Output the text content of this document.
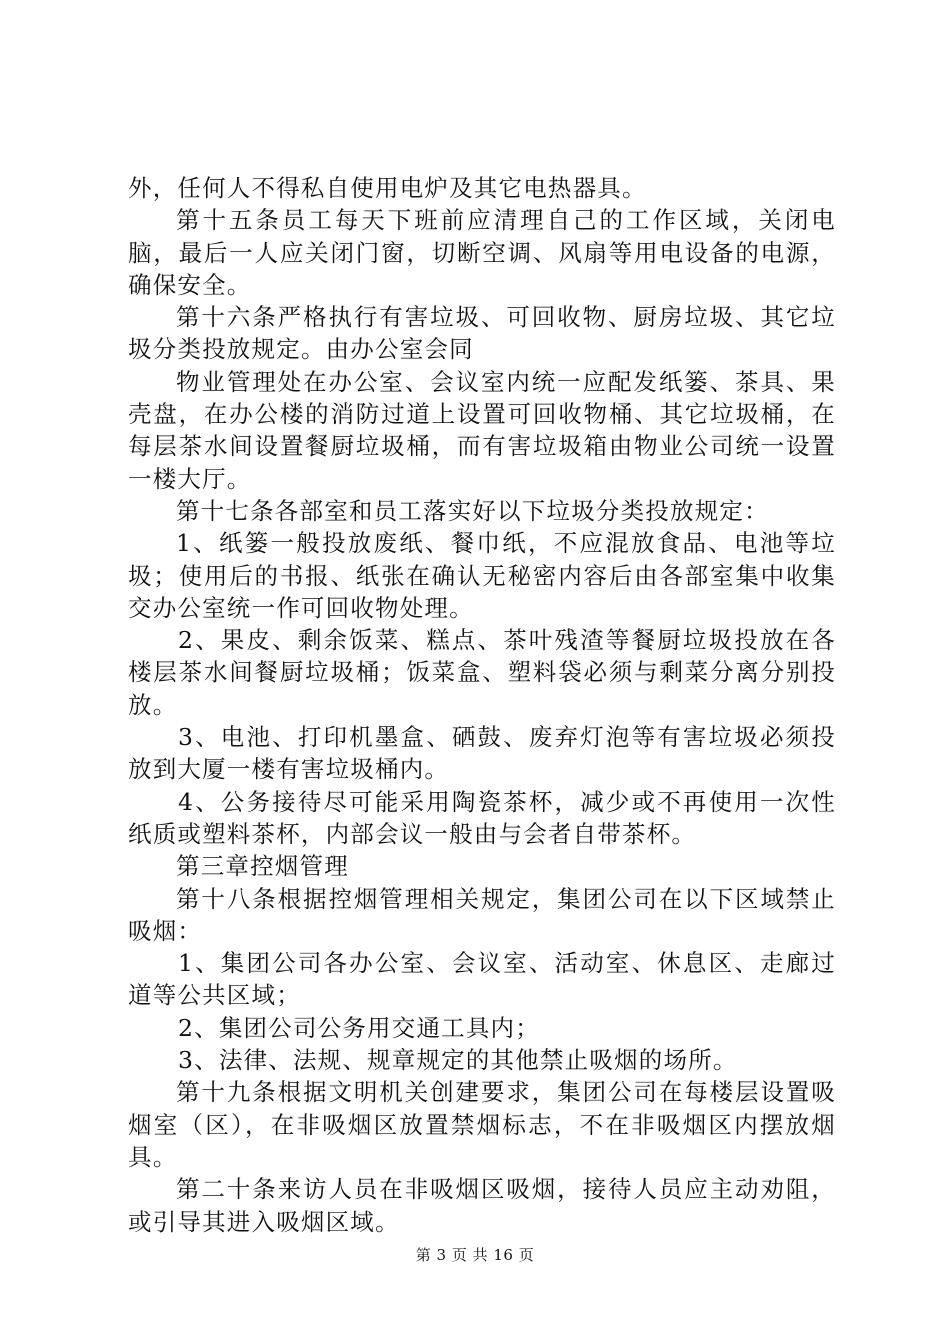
外，任何人不得私自使用电炉及其它电热器具。

第十五条员工每天下班前应清理自己的工作区域，关闭电脑，最后一人应关闭门窗，切断空调、风扇等用电设备的电源，确保安全。

第十六条严格执行有害垃圾、可回收物、厨房垃圾、其它垃圾分类投放规定。由办公室会同

物业管理处在办公室、会议室内统一应配发纸篓、茶具、果壳盘，在办公楼的消防过道上设置可回收物桶、其它垃圾桶，在每层茶水间设置餐厨垃圾桶，而有害垃圾箱由物业公司统一设置一楼大厅。

第十七条各部室和员工落实好以下垃圾分类投放规定：

1、纸篓一般投放废纸、餐巾纸，不应混放食品、电池等垃圾；使用后的书报、纸张在确认无秘密内容后由各部室集中收集交办公室统一作可回收物处理。

2、果皮、剩余饭菜、糕点、茶叶残渣等餐厨垃圾投放在各楼层茶水间餐厨垃圾桶；饭菜盒、塑料袋必须与剩菜分离分别投放。

3、电池、打印机墨盒、硒鼓、废弃灯泡等有害垃圾必须投放到大厦一楼有害垃圾桶内。

4、公务接待尽可能采用陶瓷茶杯，减少或不再使用一次性纸质或塑料茶杯，内部会议一般由与会者自带茶杯。

第三章控烟管理

第十八条根据控烟管理相关规定，集团公司在以下区域禁止吸烟：

1、集团公司各办公室、会议室、活动室、休息区、走廊过道等公共区域；

2、集团公司公务用交通工具内；

3、法律、法规、规章规定的其他禁止吸烟的场所。

第十九条根据文明机关创建要求，集团公司在每楼层设置吸烟室（区），在非吸烟区放置禁烟标志，不在非吸烟区内摆放烟具。

第二十条来访人员在非吸烟区吸烟，接待人员应主动劝阻，或引导其进入吸烟区域。

第 3 页 共 16 页
